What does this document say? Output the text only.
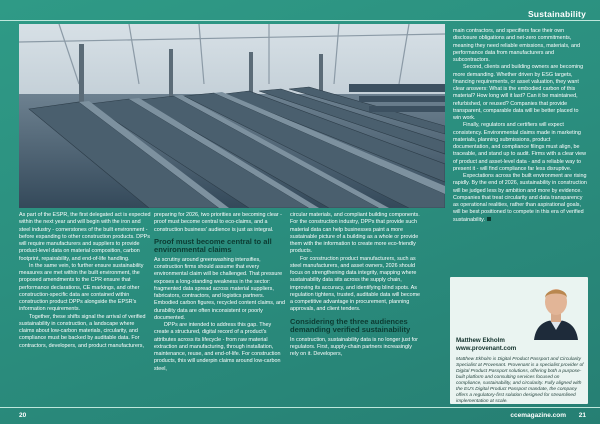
Sustainability

As part of the ESPR, the first delegated act is expected within the next year and will begin with the iron and steel industry - cornerstones of the built environment - before expanding to other construction products. DPPs will require manufacturers and suppliers to provide product-level data on material composition, carbon footprint, repairability, and end-of-life handling.

In the same vein, to further ensure sustainability measures are met within the built environment, the proposed amendments to the CPR ensure that performance declarations, CE markings, and other construction-specific data are contained within construction product DPPs alongside the EPSR's information requirements.

Together, these shifts signal the arrival of verified sustainability in construction, a landscape where claims about low-carbon materials, circularity, and compliance must be backed by auditable data. For contractors, developers, and product manufacturers,

preparing for 2026, two priorities are becoming clear - proof must become central to eco-claims, and a construction business' audience is just as integral.

Proof must become central to all environmental claims

As scrutiny around greenwashing intensifies, construction firms should assume that every environmental claim will be challenged. That pressure exposes a long-standing weakness in the sector: fragmented data spread across material suppliers, fabricators, contractors, and logistics partners. Embodied carbon figures, recycled content claims, and durability data are often inconsistent or poorly documented.

DPPs are intended to address this gap. They create a structured, digital record of a product's attributes across its lifecycle - from raw material extraction and manufacturing, through installation, maintenance, reuse, and end-of-life. For construction products, this will underpin claims around low-carbon steel,

circular materials, and compliant building components. For the construction industry, DPPs that provide such material data can help businesses paint a more sustainable picture of a building as a whole or provide them with the information to create more eco-friendly products.

For construction product manufacturers, such as steel manufacturers, and asset owners, 2026 should focus on strengthening data integrity, mapping where sustainability data sits across the supply chain, improving its accuracy, and identifying blind spots. As regulation tightens, trusted, auditable data will become a competitive advantage in procurement, planning approvals, and client tenders.

Considering the three audiences demanding verified sustainability

In construction, sustainability data is no longer just for regulators. First, supply-chain partners increasingly rely on it. Developers,

main contractors, and specifiers face their own disclosure obligations and net-zero commitments, meaning they need reliable emissions, materials, and performance data from manufacturers and subcontractors.

Second, clients and building owners are becoming more demanding. Whether driven by ESG targets, financing requirements, or asset valuation, they want clear answers: What is the embodied carbon of this material? How long will it last? Can it be maintained, refurbished, or reused? Companies that provide transparent, comparable data will be better placed to win work.

Finally, regulators and certifiers will expect consistency. Environmental claims made in marketing materials, planning submissions, product documentation, and compliance filings must align, be traceable, and stand up to audit. Firms with a clear view of product and asset-level data - and a reliable way to present it - will find compliance far less disruptive.

Expectations across the built environment are rising rapidly. By the end of 2026, sustainability in construction will be judged less by ambition and more by evidence. Companies that treat circularity and data transparency as operational realities, rather than aspirational goals, will be best positioned to compete in this era of verified sustainability.

Matthew Ekholm
www.provenant.com
Matthew Ekholm is Digital Product Passport and Circularity Specialist at Provenant. Provenant is a specialist provider of Digital Product Passport solutions, offering both a purpose-built platform and consulting services focused on compliance, sustainability, and circularity. Fully aligned with the EU's Digital Product Passport mandate, the company offers a regulatory-first solution designed for streamlined implementation at scale.
20	ccemagazine.com 21
